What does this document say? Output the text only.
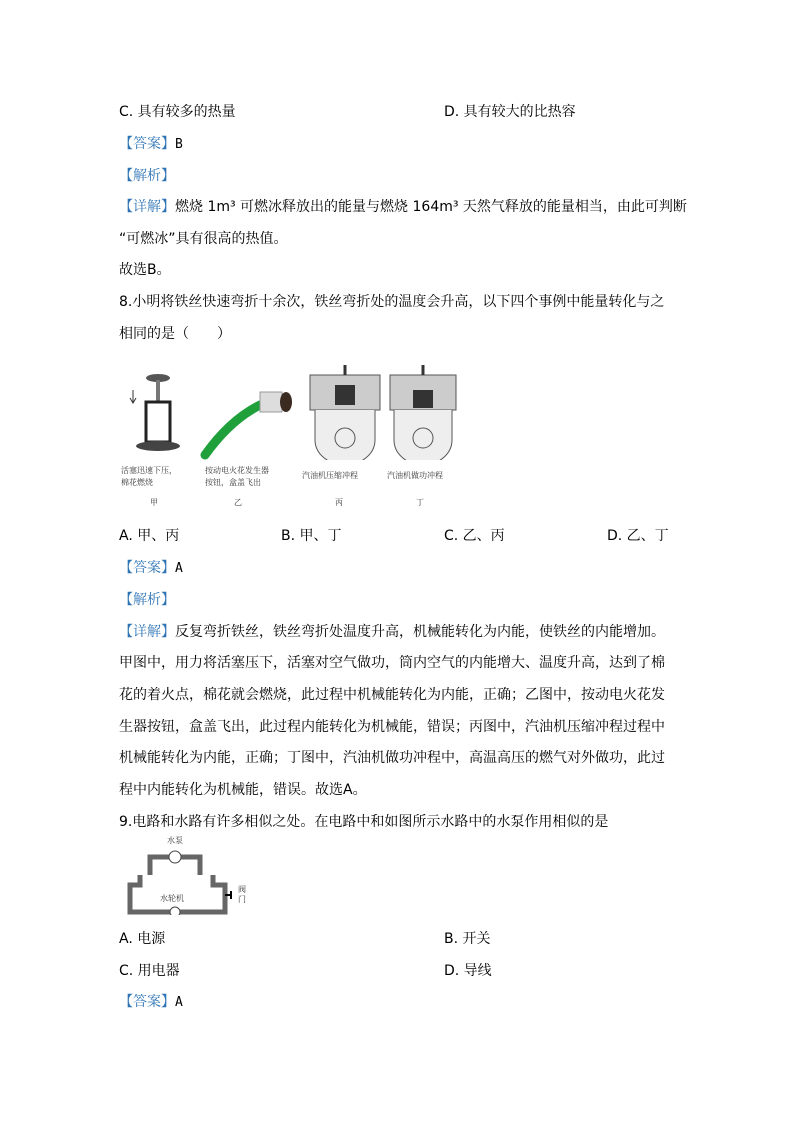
C. 具有较多的热量	D. 具有较大的比热容
【答案】B
【解析】
【详解】燃烧 1m³ 可燃冰释放出的能量与燃烧 164m³ 天然气释放的能量相当，由此可判断
“可燃冰”具有很高的热值。
故选B。
8.小明将铁丝快速弯折十余次，铁丝弯折处的温度会升高，以下四个事例中能量转化与之
相同的是（　　）
活塞迅速下压，
棉花燃烧
按动电火花发生器
按钮，盒盖飞出
汽油机压缩冲程	汽油机做功冲程
甲	乙	丙	丁
A. 甲、丙	B. 甲、丁	C. 乙、丙	D. 乙、丁
【答案】A
【解析】
【详解】反复弯折铁丝，铁丝弯折处温度升高，机械能转化为内能，使铁丝的内能增加。
甲图中，用力将活塞压下，活塞对空气做功，筒内空气的内能增大、温度升高，达到了棉
花的着火点，棉花就会燃烧，此过程中机械能转化为内能，正确；乙图中，按动电火花发
生器按钮，盒盖飞出，此过程内能转化为机械能，错误；丙图中，汽油机压缩冲程过程中
机械能转化为内能，正确；丁图中，汽油机做功冲程中，高温高压的燃气对外做功，此过
程中内能转化为机械能，错误。故选A。
9.电路和水路有许多相似之处。在电路中和如图所示水路中的水泵作用相似的是
水泵
水轮机
阀
门
A. 电源	B. 开关
C. 用电器	D. 导线
【答案】A
